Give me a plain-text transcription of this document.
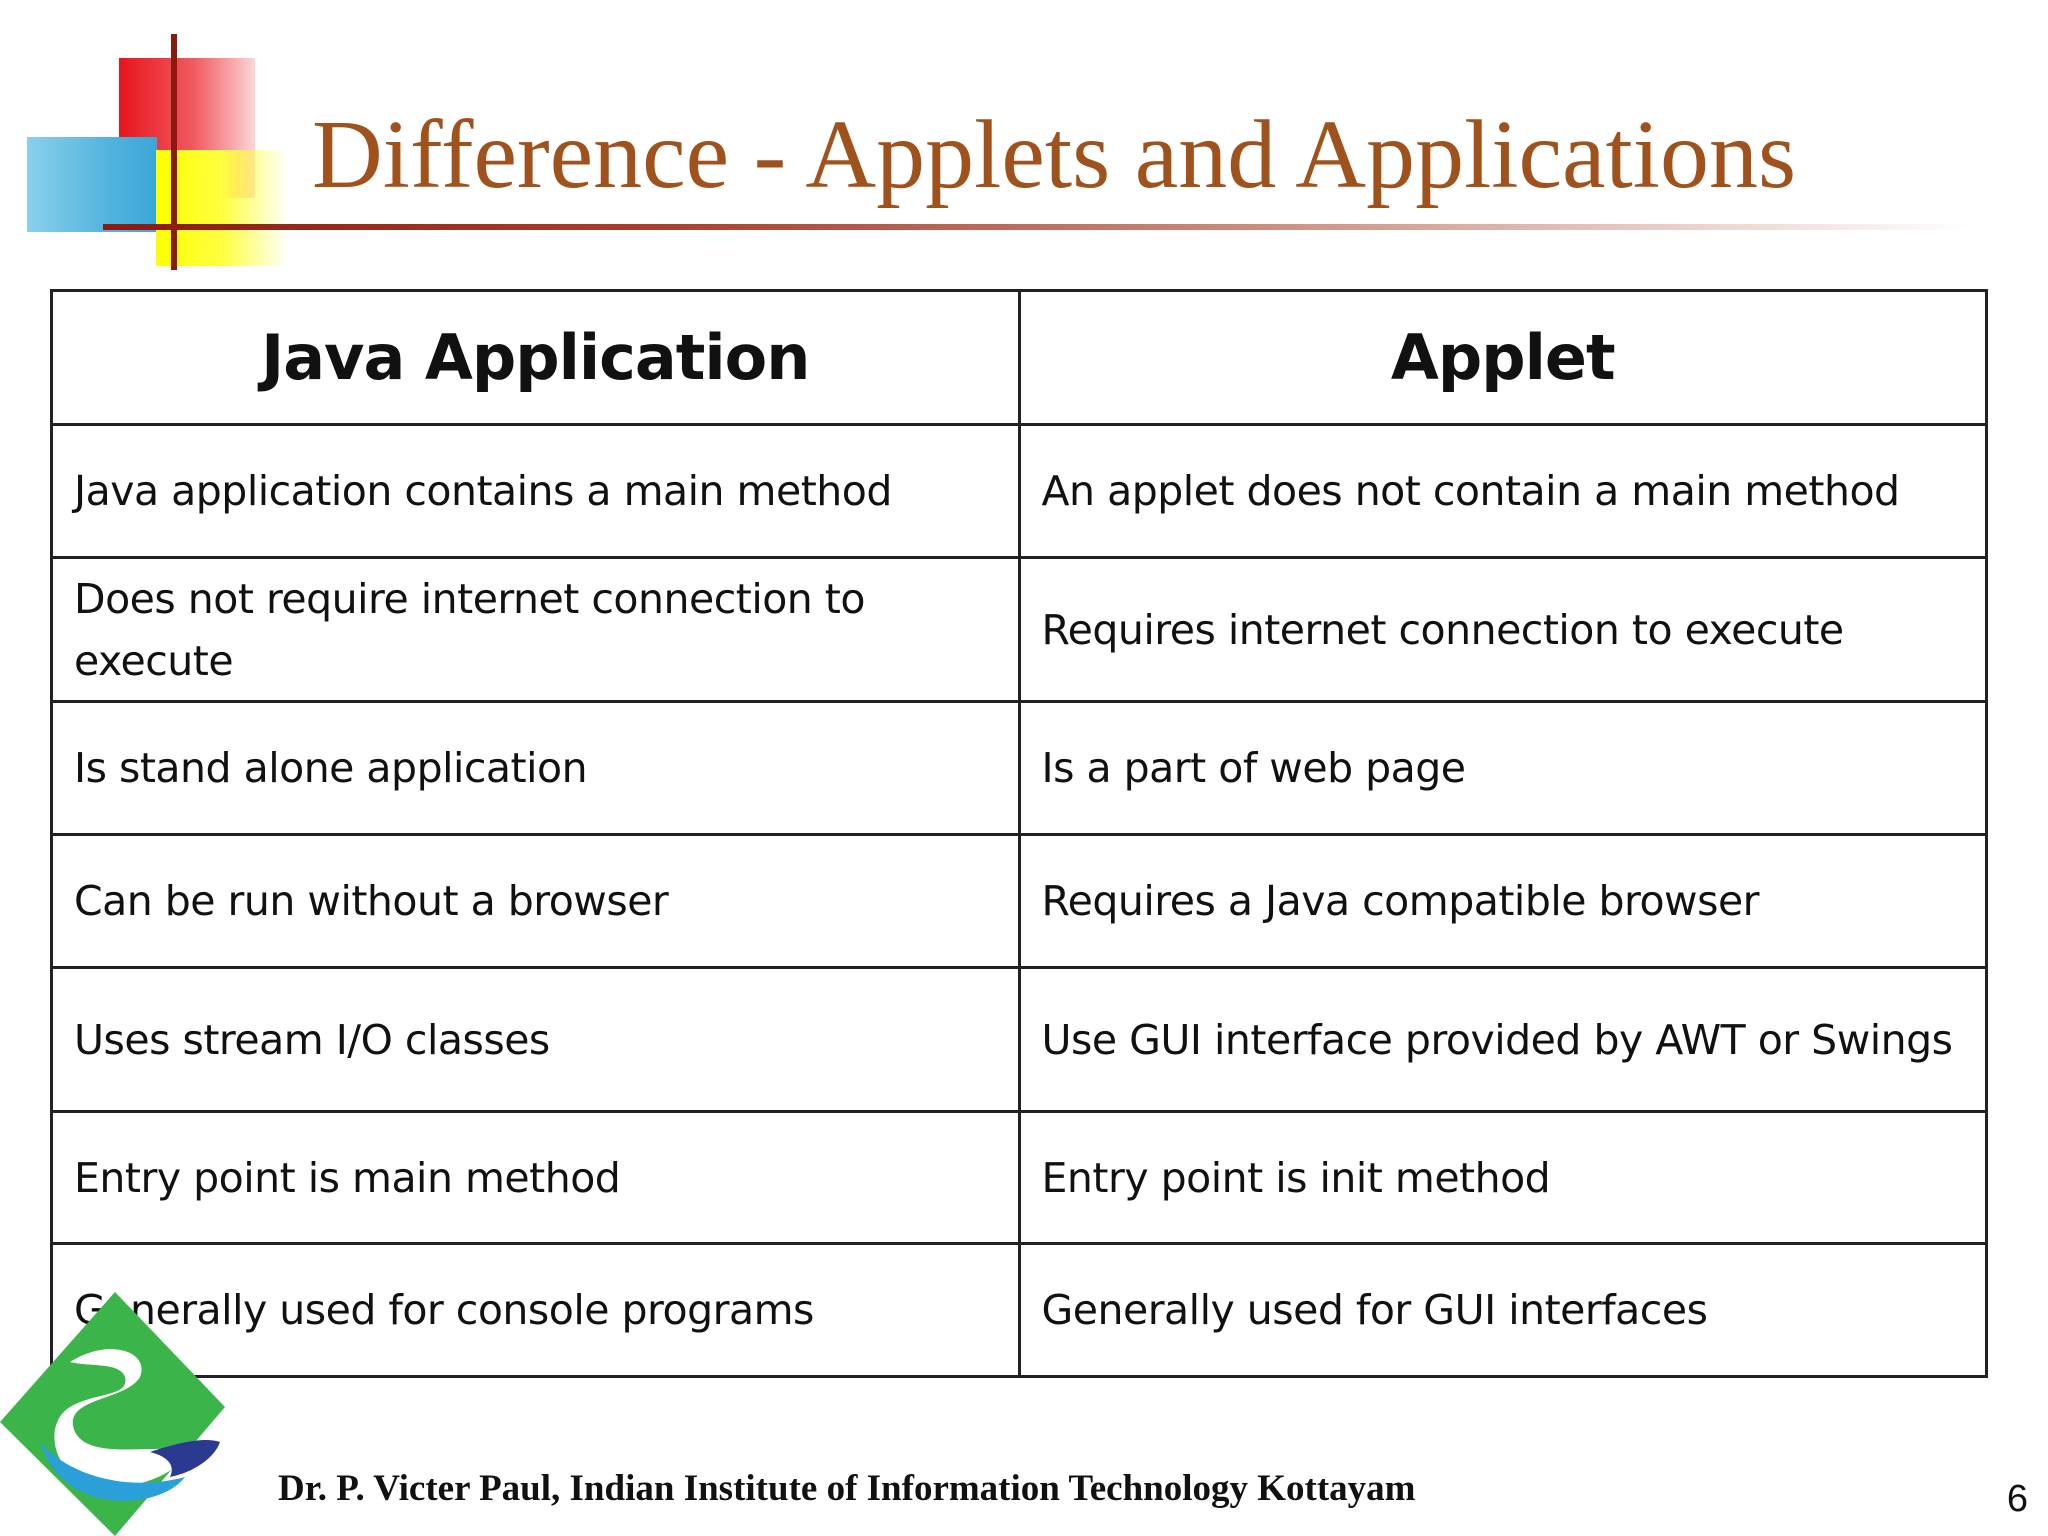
Difference - Applets and Applications
Java Application	Applet
Java application contains a main method	An applet does not contain a main method
Does not require internet connection to execute	Requires internet connection to execute
Is stand alone application	Is a part of web page
Can be run without a browser	Requires a Java compatible browser
Uses stream I/O classes	Use GUI interface provided by AWT or Swings
Entry point is main method	Entry point is init method
Generally used for console programs	Generally used for GUI interfaces
Dr. P. Victer Paul, Indian Institute of Information Technology Kottayam	6
